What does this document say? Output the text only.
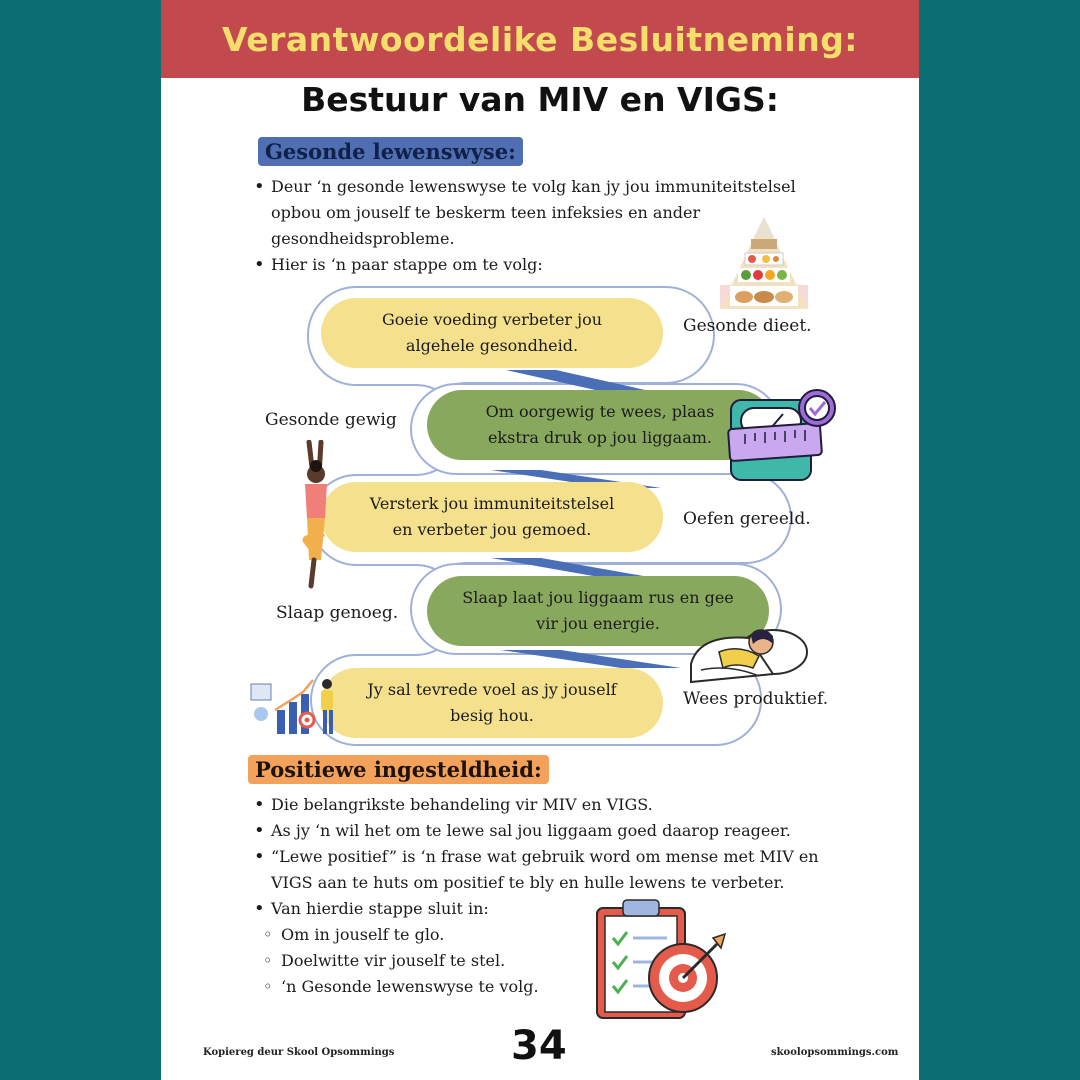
Verantwoordelike Besluitneming:
Bestuur van MIV en VIGS:
Gesonde lewenswyse:
• Deur ‘n gesonde lewenswyse te volg kan jy jou immuniteitstelsel opbou om jouself te beskerm teen infeksies en ander gesondheidsprobleme.
• Hier is ‘n paar stappe om te volg:
Goeie voeding verbeter jou
algehele gesondheid.
Om oorgewig te wees, plaas
ekstra druk op jou liggaam.
Versterk jou immuniteitstelsel
en verbeter jou gemoed.
Slaap laat jou liggaam rus en gee
vir jou energie.
Jy sal tevrede voel as jy jouself
besig hou.
Gesonde dieet.
Gesonde gewig
Oefen gereeld.
Slaap genoeg.
Wees produktief.
Positiewe ingesteldheid:
• Die belangrikste behandeling vir MIV en VIGS.
• As jy ‘n wil het om te lewe sal jou liggaam goed daarop reageer.
• “Lewe positief” is ‘n frase wat gebruik word om mense met MIV en VIGS aan te huts om positief te bly en hulle lewens te verbeter.
• Van hierdie stappe sluit in:
◦ Om in jouself te glo.
◦ Doelwitte vir jouself te stel.
◦ ‘n Gesonde lewenswyse te volg.
Kopiereg deur Skool Opsommings	34	skoolopsommings.com
